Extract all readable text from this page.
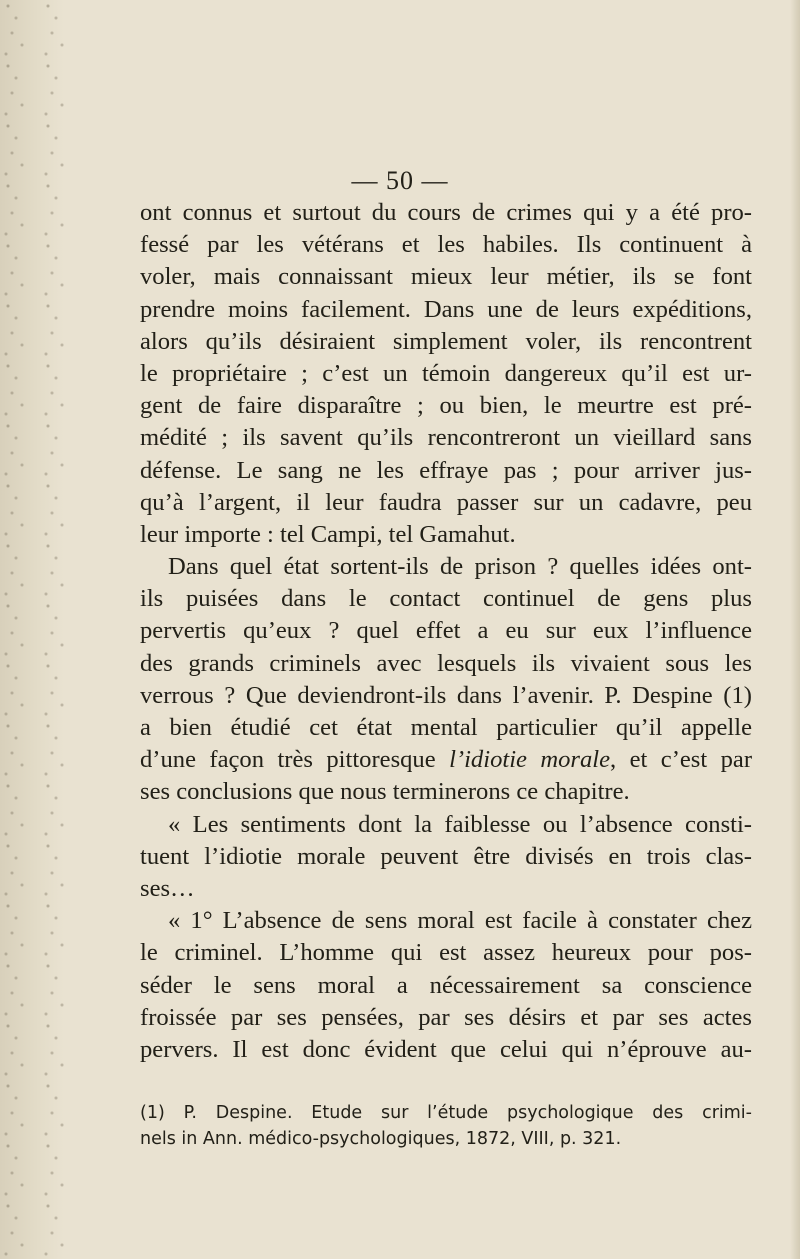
— 50 —
ont connus et surtout du cours de crimes qui y a été pro-
fessé par les vétérans et les habiles. Ils continuent à
voler, mais connaissant mieux leur métier, ils se font
prendre moins facilement. Dans une de leurs expéditions,
alors qu’ils désiraient simplement voler, ils rencontrent
le propriétaire ; c’est un témoin dangereux qu’il est ur-
gent de faire disparaître ; ou bien, le meurtre est pré-
médité ; ils savent qu’ils rencontreront un vieillard sans
défense. Le sang ne les effraye pas ; pour arriver jus-
qu’à l’argent, il leur faudra passer sur un cadavre, peu
leur importe : tel Campi, tel Gamahut.
Dans quel état sortent-ils de prison ? quelles idées ont-
ils puisées dans le contact continuel de gens plus
pervertis qu’eux ? quel effet a eu sur eux l’influence
des grands criminels avec lesquels ils vivaient sous les
verrous ? Que deviendront-ils dans l’avenir. P. Despine (1)
a bien étudié cet état mental particulier qu’il appelle
d’une façon très pittoresque l’idiotie morale, et c’est par
ses conclusions que nous terminerons ce chapitre.
« Les sentiments dont la faiblesse ou l’absence consti-
tuent l’idiotie morale peuvent être divisés en trois clas-
ses…
« 1° L’absence de sens moral est facile à constater chez
le criminel. L’homme qui est assez heureux pour pos-
séder le sens moral a nécessairement sa conscience
froissée par ses pensées, par ses désirs et par ses actes
pervers. Il est donc évident que celui qui n’éprouve au-
(1) P. Despine. Etude sur l’étude psychologique des crimi-
nels in Ann. médico-psychologiques, 1872, VIII, p. 321.
